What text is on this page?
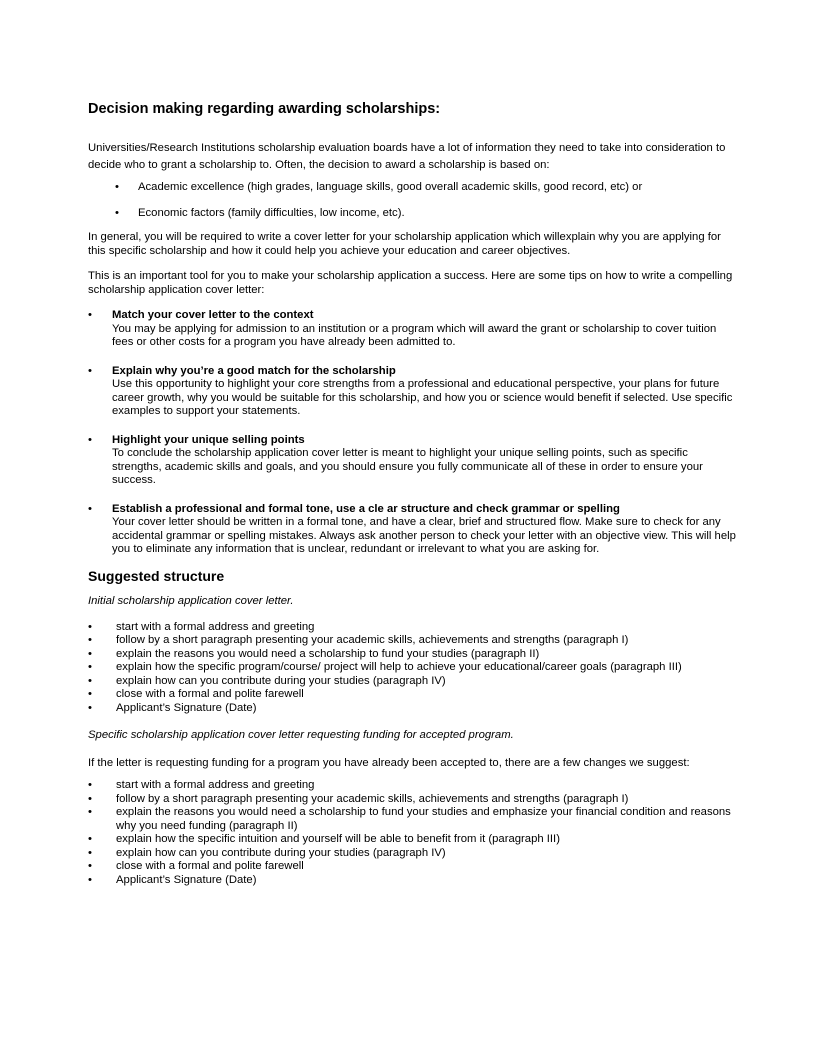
Decision making regarding awarding scholarships:

Universities/Research Institutions scholarship evaluation boards have a lot of information they need to take into consideration to decide who to grant a scholarship to. Often, the decision to award a scholarship is based on:

• Academic excellence (high grades, language skills, good overall academic skills, good record, etc) or
• Economic factors (family difficulties, low income, etc).

In general, you will be required to write a cover letter for your scholarship application which willexplain why you are applying for this specific scholarship and how it could help you achieve your education and career objectives.

This is an important tool for you to make your scholarship application a success. Here are some tips on how to write a compelling scholarship application cover letter:

• Match your cover letter to the context
You may be applying for admission to an institution or a program which will award the grant or scholarship to cover tuition fees or other costs for a program you have already been admitted to.
• Explain why you’re a good match for the scholarship
Use this opportunity to highlight your core strengths from a professional and educational perspective, your plans for future career growth, why you would be suitable for this scholarship, and how you or science would benefit if selected. Use specific examples to support your statements.
• Highlight your unique selling points
To conclude the scholarship application cover letter is meant to highlight your unique selling points, such as specific strengths, academic skills and goals, and you should ensure you fully communicate all of these in order to ensure your success.
• Establish a professional and formal tone, use a cle ar structure and check grammar or spelling
Your cover letter should be written in a formal tone, and have a clear, brief and structured flow. Make sure to check for any accidental grammar or spelling mistakes. Always ask another person to check your letter with an objective view. This will help you to eliminate any information that is unclear, redundant or irrelevant to what you are asking for.
Suggested structure

Initial scholarship application cover letter.

• start with a formal address and greeting
• follow by a short paragraph presenting your academic skills, achievements and strengths (paragraph I)
• explain the reasons you would need a scholarship to fund your studies (paragraph II)
• explain how the specific program/course/ project will help to achieve your educational/career goals (paragraph III)
• explain how can you contribute during your studies (paragraph IV)
• close with a formal and polite farewell
• Applicant’s Signature (Date)

Specific scholarship application cover letter requesting funding for accepted program.

If the letter is requesting funding for a program you have already been accepted to, there are a few changes we suggest:

• start with a formal address and greeting
• follow by a short paragraph presenting your academic skills, achievements and strengths (paragraph I)
• explain the reasons you would need a scholarship to fund your studies and emphasize your financial condition and reasons why you need funding (paragraph II)
• explain how the specific intuition and yourself will be able to benefit from it (paragraph III)
• explain how can you contribute during your studies (paragraph IV)
• close with a formal and polite farewell
• Applicant’s Signature (Date)
